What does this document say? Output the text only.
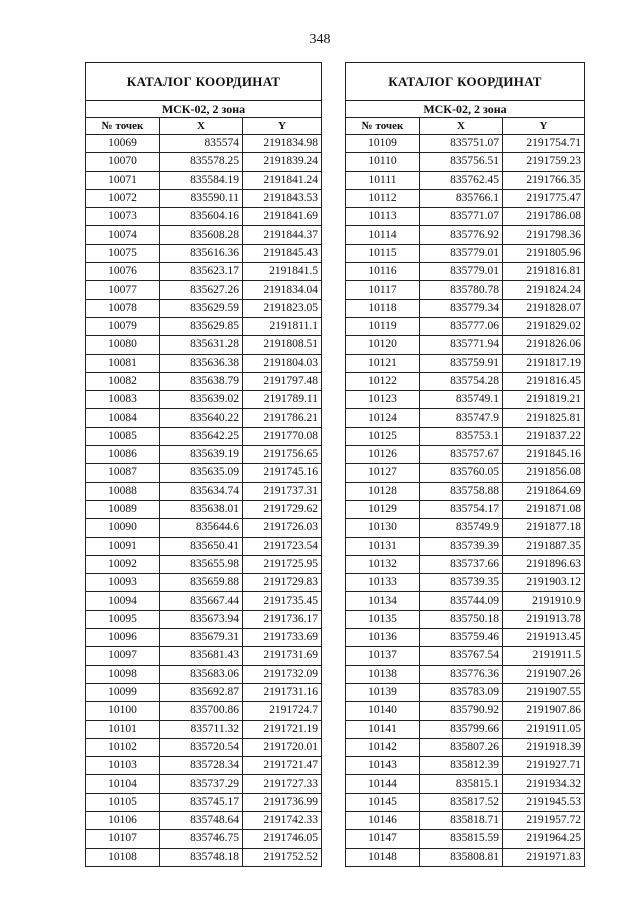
348
КАТАЛОГ КООРДИНАТ		
МСК-02, 2 зона		
№ точек	X	Y
10069	835574	2191834.98
10070	835578.25	2191839.24
10071	835584.19	2191841.24
10072	835590.11	2191843.53
10073	835604.16	2191841.69
10074	835608.28	2191844.37
10075	835616.36	2191845.43
10076	835623.17	2191841.5
10077	835627.26	2191834.04
10078	835629.59	2191823.05
10079	835629.85	2191811.1
10080	835631.28	2191808.51
10081	835636.38	2191804.03
10082	835638.79	2191797.48
10083	835639.02	2191789.11
10084	835640.22	2191786.21
10085	835642.25	2191770.08
10086	835639.19	2191756.65
10087	835635.09	2191745.16
10088	835634.74	2191737.31
10089	835638.01	2191729.62
10090	835644.6	2191726.03
10091	835650.41	2191723.54
10092	835655.98	2191725.95
10093	835659.88	2191729.83
10094	835667.44	2191735.45
10095	835673.94	2191736.17
10096	835679.31	2191733.69
10097	835681.43	2191731.69
10098	835683.06	2191732.09
10099	835692.87	2191731.16
10100	835700.86	2191724.7
10101	835711.32	2191721.19
10102	835720.54	2191720.01
10103	835728.34	2191721.47
10104	835737.29	2191727.33
10105	835745.17	2191736.99
10106	835748.64	2191742.33
10107	835746.75	2191746.05
10108	835748.18	2191752.52
КАТАЛОГ КООРДИНАТ		
МСК-02, 2 зона		
№ точек	X	Y
10109	835751.07	2191754.71
10110	835756.51	2191759.23
10111	835762.45	2191766.35
10112	835766.1	2191775.47
10113	835771.07	2191786.08
10114	835776.92	2191798.36
10115	835779.01	2191805.96
10116	835779.01	2191816.81
10117	835780.78	2191824.24
10118	835779.34	2191828.07
10119	835777.06	2191829.02
10120	835771.94	2191826.06
10121	835759.91	2191817.19
10122	835754.28	2191816.45
10123	835749.1	2191819.21
10124	835747.9	2191825.81
10125	835753.1	2191837.22
10126	835757.67	2191845.16
10127	835760.05	2191856.08
10128	835758.88	2191864.69
10129	835754.17	2191871.08
10130	835749.9	2191877.18
10131	835739.39	2191887.35
10132	835737.66	2191896.63
10133	835739.35	2191903.12
10134	835744.09	2191910.9
10135	835750.18	2191913.78
10136	835759.46	2191913.45
10137	835767.54	2191911.5
10138	835776.36	2191907.26
10139	835783.09	2191907.55
10140	835790.92	2191907.86
10141	835799.66	2191911.05
10142	835807.26	2191918.39
10143	835812.39	2191927.71
10144	835815.1	2191934.32
10145	835817.52	2191945.53
10146	835818.71	2191957.72
10147	835815.59	2191964.25
10148	835808.81	2191971.83
